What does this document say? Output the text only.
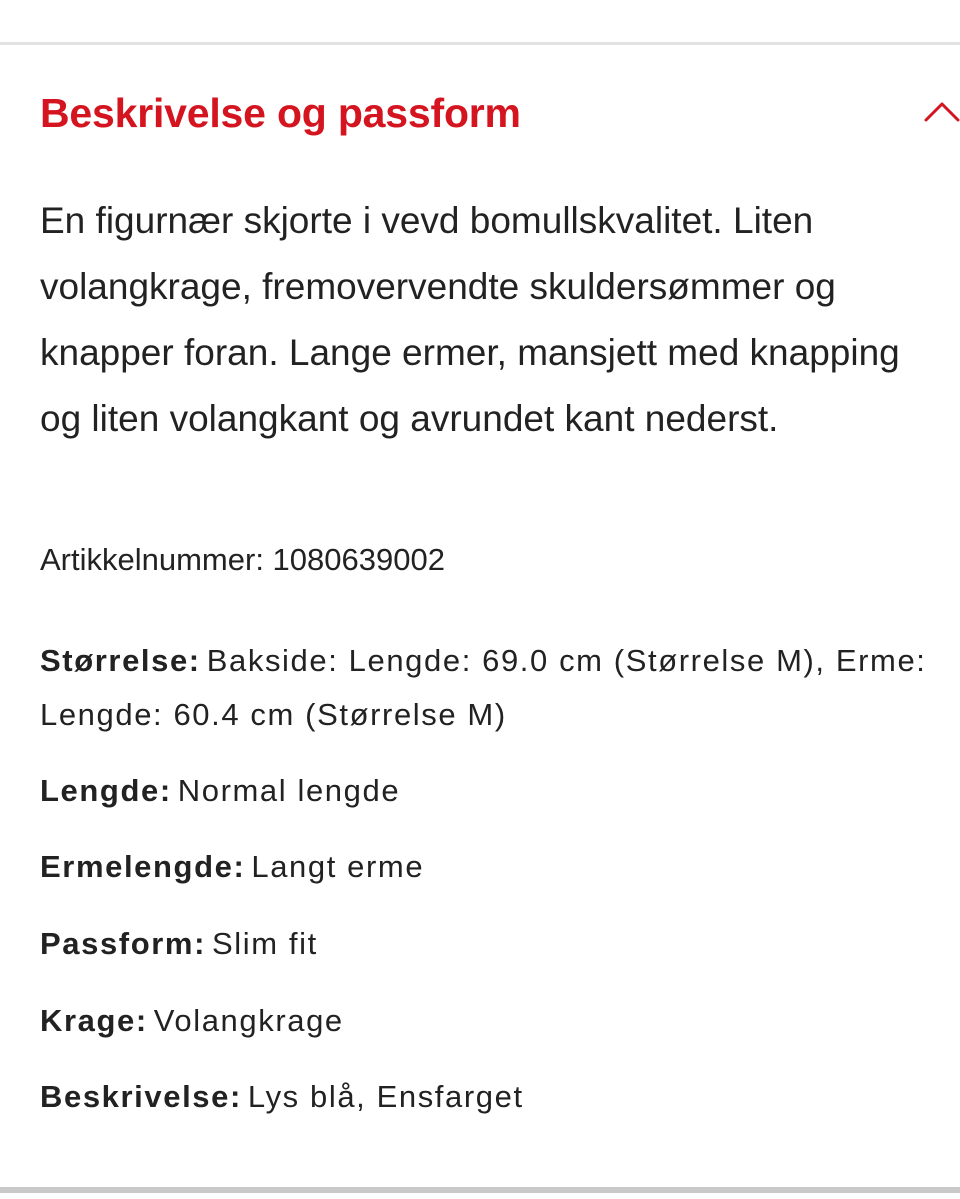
Beskrivelse og passform

En figurnær skjorte i vevd bomullskvalitet. Liten volangkrage, fremovervendte skuldersømmer og knapper foran. Lange ermer, mansjett med knapping og liten volangkant og avrundet kant nederst.

Artikkelnummer: 1080639002

Størrelse: Bakside: Lengde: 69.0 cm (Størrelse M), Erme: Lengde: 60.4 cm (Størrelse M)
Lengde: Normal lengde
Ermelengde: Langt erme
Passform: Slim fit
Krage: Volangkrage
Beskrivelse: Lys blå, Ensfarget
